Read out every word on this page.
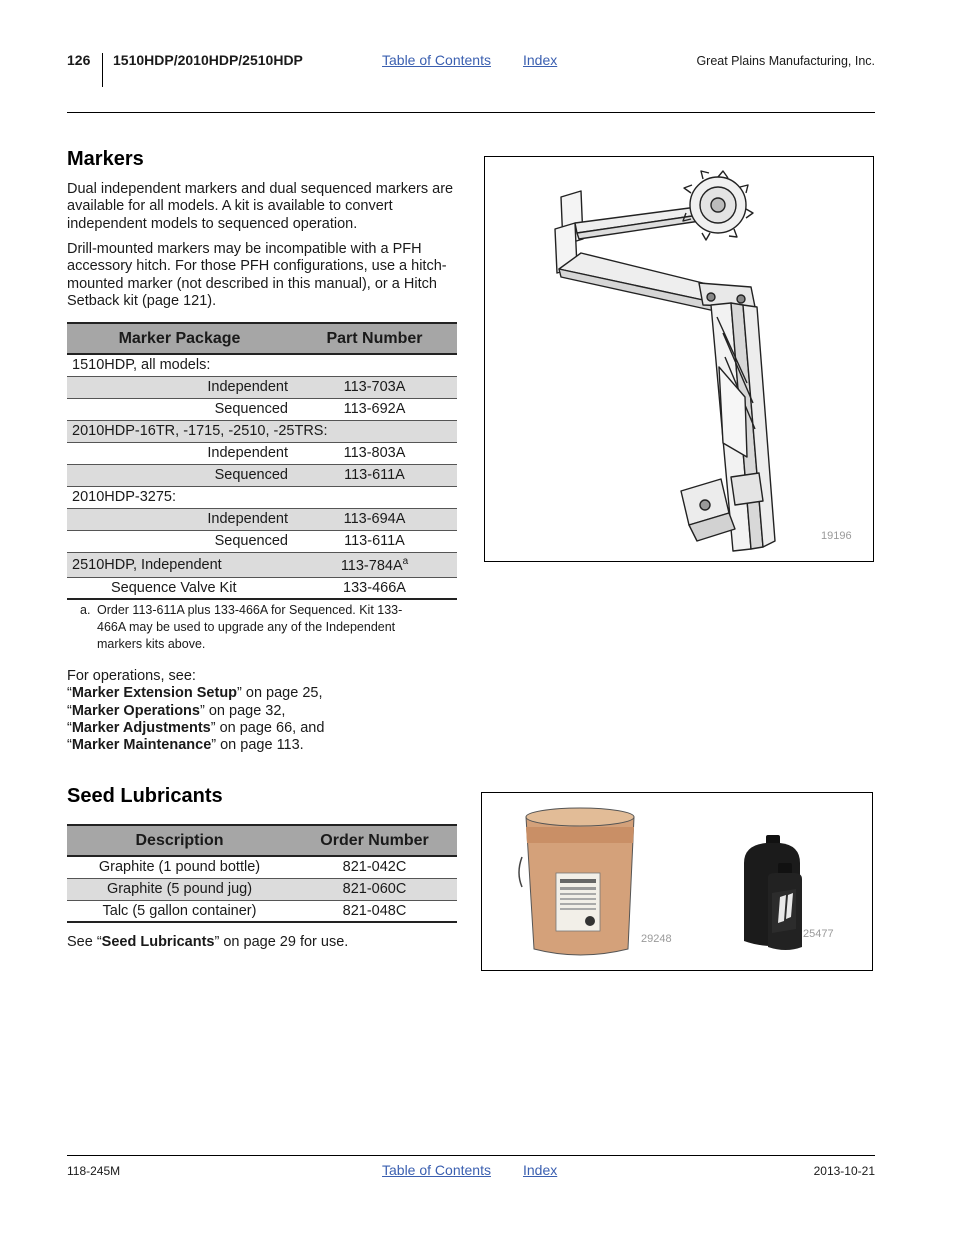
126 1510HDP/2010HDP/2510HDP	Table of Contents Index	Great Plains Manufacturing, Inc.
Markers

Dual independent markers and dual sequenced markers are available for all models. A kit is available to convert independent models to sequenced operation.

Drill-mounted markers may be incompatible with a PFH accessory hitch. For those PFH configurations, use a hitch-mounted marker (not described in this manual), or a Hitch Setback kit (page 121).

Marker Package	Part Number
1510HDP, all models:	
Independent	113-703A
Sequenced	113-692A
2010HDP-16TR, -1715, -2510, -25TRS:	
Independent	113-803A
Sequenced	113-611A
2010HDP-3275:	
Independent	113-694A
Sequenced	113-611A
2510HDP, Independent	$113-784A^a$
Sequence Valve Kit	133-466A
a. Order 113-611A plus 133-466A for Sequenced. Kit 133-466A may be used to upgrade any of the Independent markers kits above.
For operations, see:
“Marker Extension Setup” on page 25,
“Marker Operations” on page 32,
“Marker Adjustments” on page 66, and
“Marker Maintenance” on page 113.
19196
Seed Lubricants
Description	Order Number
Graphite (1 pound bottle)	821-042C
Graphite (5 pound jug)	821-060C
Talc (5 gallon container)	821-048C
See “Seed Lubricants” on page 29 for use.	29248	25477
118-245M	Table of Contents Index	2013-10-21
